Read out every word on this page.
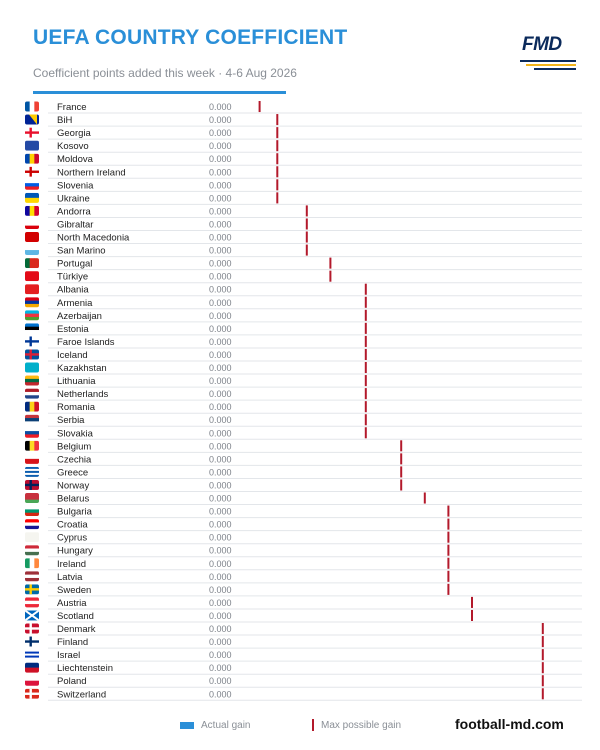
UEFA COUNTRY COEFFICIENT
Coefficient points added this week · 4-6 Aug 2026
FMD
France	0.000
BiH	0.000
Georgia	0.000
Kosovo	0.000
Moldova	0.000
Northern Ireland	0.000
Slovenia	0.000
Ukraine	0.000
Andorra	0.000
Gibraltar	0.000
North Macedonia	0.000
San Marino	0.000
Portugal	0.000
Türkiye	0.000
Albania	0.000
Armenia	0.000
Azerbaijan	0.000
Estonia	0.000
Faroe Islands	0.000
Iceland	0.000
Kazakhstan	0.000
Lithuania	0.000
Netherlands	0.000
Romania	0.000
Serbia	0.000
Slovakia	0.000
Belgium	0.000
Czechia	0.000
Greece	0.000
Norway	0.000
Belarus	0.000
Bulgaria	0.000
Croatia	0.000
Cyprus	0.000
Hungary	0.000
Ireland	0.000
Latvia	0.000
Sweden	0.000
Austria	0.000
Scotland	0.000
Denmark	0.000
Finland	0.000
Israel	0.000
Liechtenstein	0.000
Poland	0.000
Switzerland	0.000
Actual gain	Max possible gain	football-md.com
